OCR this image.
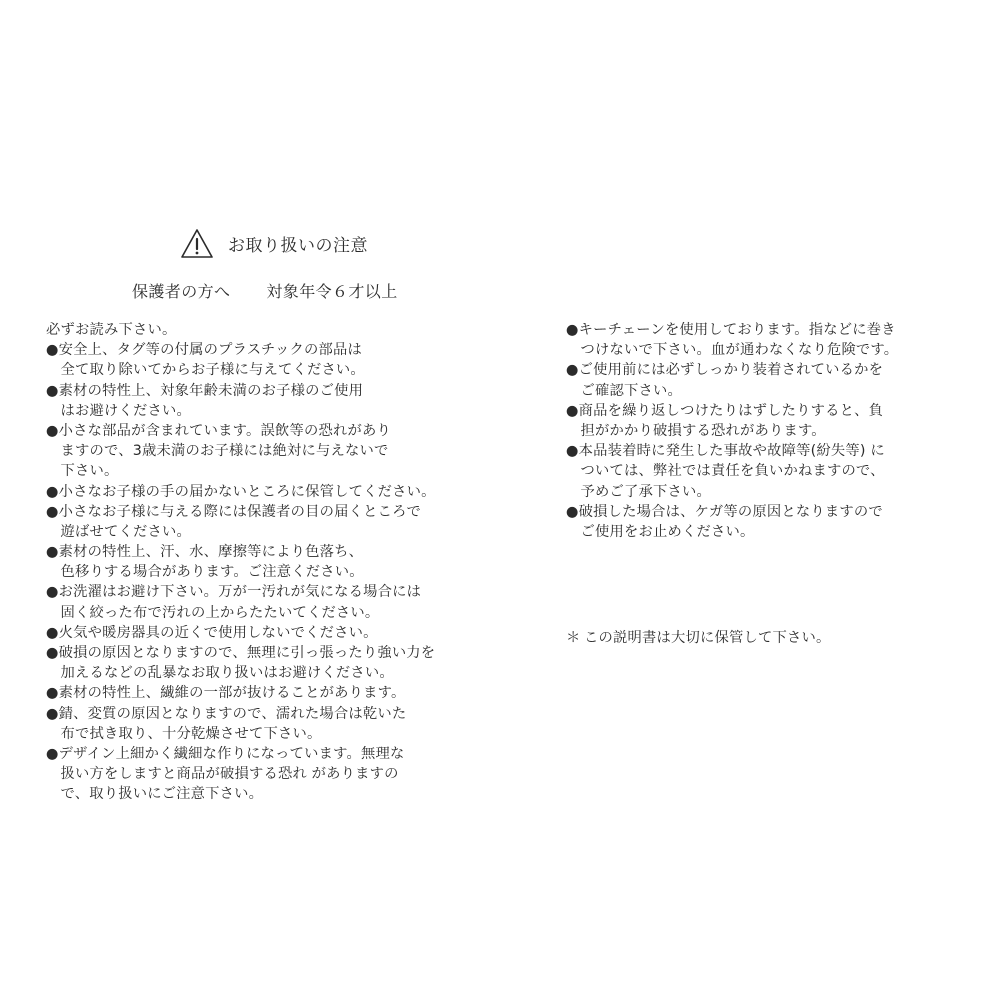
お取り扱いの注意
保護者の方へ 対象年令６才以上
必ずお読み下さい。
●安全上、タグ等の付属のプラスチックの部品は
　全て取り除いてからお子様に与えてください。
●素材の特性上、対象年齢未満のお子様のご使用
　はお避けください。
●小さな部品が含まれています。誤飲等の恐れがあり
　ますので、3歳未満のお子様には絶対に与えないで
　下さい。
●小さなお子様の手の届かないところに保管してください。
●小さなお子様に与える際には保護者の目の届くところで
　遊ばせてください。
●素材の特性上、汗、水、摩擦等により色落ち、
　色移りする場合があります。ご注意ください。
●お洗濯はお避け下さい。万が一汚れが気になる場合には
　固く絞った布で汚れの上からたたいてください。
●火気や暖房器具の近くで使用しないでください。
●破損の原因となりますので、無理に引っ張ったり強い力を
　加えるなどの乱暴なお取り扱いはお避けください。
●素材の特性上、繊維の一部が抜けることがあります。
●錆、変質の原因となりますので、濡れた場合は乾いた
　布で拭き取り、十分乾燥させて下さい。
●デザイン上細かく繊細な作りになっています。無理な
　扱い方をしますと商品が破損する恐れ がありますの
　で、取り扱いにご注意下さい。
●キーチェーンを使用しております。指などに巻き
　つけないで下さい。血が通わなくなり危険です。
●ご使用前には必ずしっかり装着されているかを
　ご確認下さい。
●商品を繰り返しつけたりはずしたりすると、負
　担がかかり破損する恐れがあります。
●本品装着時に発生した事故や故障等(紛失等) に
　ついては、弊社では責任を負いかねますので、
　予めご了承下さい。
●破損した場合は、ケガ等の原因となりますので
　ご使用をお止めください。
＊ この説明書は大切に保管して下さい。
